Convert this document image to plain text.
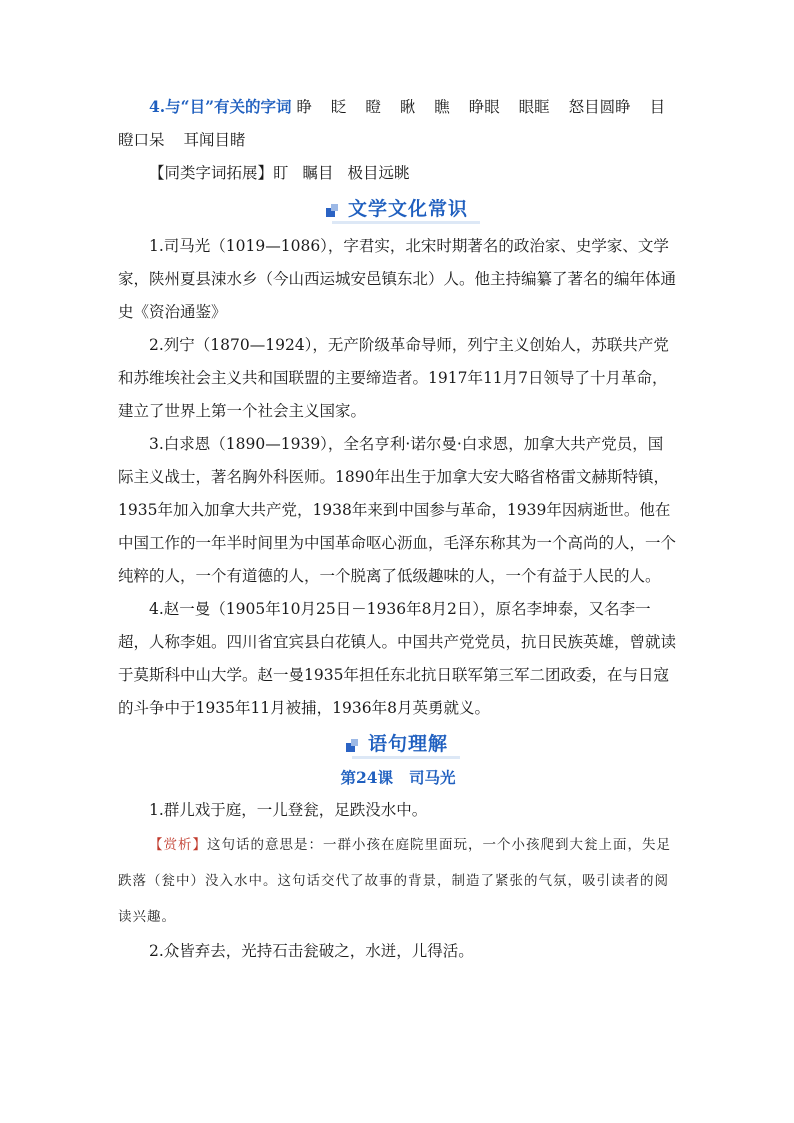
4.与“目”有关的字词 睁 眨 瞪 瞅 瞧 睁眼 眼眶 怒目圆睁 目瞪口呆 耳闻目睹

【同类字词拓展】盯 瞩目 极目远眺

文学文化常识

1.司马光（1019—1086），字君实，北宋时期著名的政治家、史学家、文学家，陕州夏县涑水乡（今山西运城安邑镇东北）人。他主持编纂了著名的编年体通史《资治通鉴》

2.列宁（1870—1924），无产阶级革命导师，列宁主义创始人，苏联共产党和苏维埃社会主义共和国联盟的主要缔造者。1917年11月7日领导了十月革命，建立了世界上第一个社会主义国家。

3.白求恩（1890—1939），全名亨利·诺尔曼·白求恩，加拿大共产党员，国际主义战士，著名胸外科医师。1890年出生于加拿大安大略省格雷文赫斯特镇，1935年加入加拿大共产党，1938年来到中国参与革命，1939年因病逝世。他在中国工作的一年半时间里为中国革命呕心沥血，毛泽东称其为一个高尚的人，一个纯粹的人，一个有道德的人，一个脱离了低级趣味的人，一个有益于人民的人。

4.赵一曼（1905年10月25日－1936年8月2日），原名李坤泰，又名李一超，人称李姐。四川省宜宾县白花镇人。中国共产党党员，抗日民族英雄，曾就读于莫斯科中山大学。赵一曼1935年担任东北抗日联军第三军二团政委，在与日寇的斗争中于1935年11月被捕，1936年8月英勇就义。

语句理解
第24课 司马光

1.群儿戏于庭，一儿登瓮，足跌没水中。

【赏析】这句话的意思是：一群小孩在庭院里面玩，一个小孩爬到大瓮上面，失足跌落（瓮中）没入水中。这句话交代了故事的背景，制造了紧张的气氛，吸引读者的阅读兴趣。

2.众皆弃去，光持石击瓮破之，水迸，儿得活。
